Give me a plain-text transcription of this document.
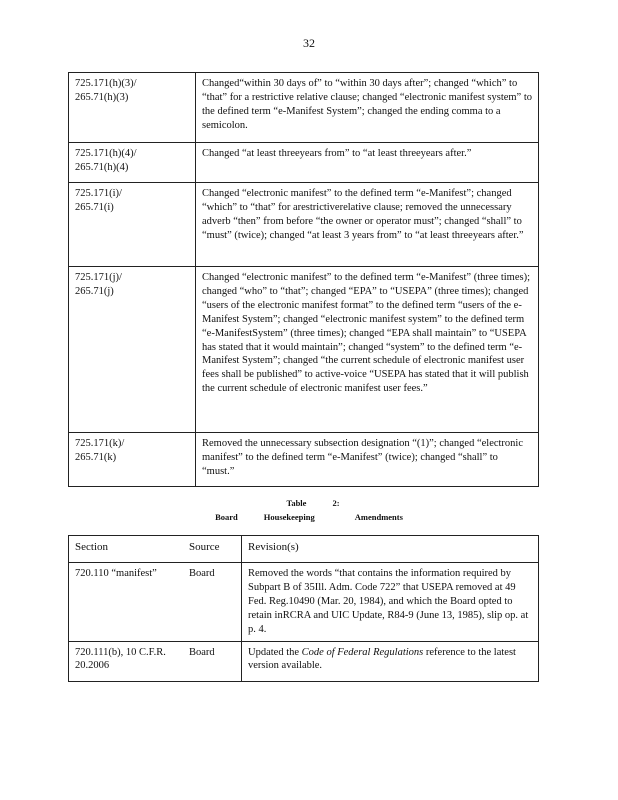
32
725.171(h)(3)/
265.71(h)(3)	Changed“within 30 days of” to “within 30 days after”; changed “which” to “that” for a restrictive relative clause; changed “electronic manifest system” to the defined term “e-Manifest System”; changed the ending comma to a semicolon.
725.171(h)(4)/
265.71(h)(4)	Changed “at least threeyears from” to “at least threeyears after.”
725.171(i)/
265.71(i)	Changed “electronic manifest” to the defined term “e-Manifest”; changed “which” to “that” for arestrictiverelative clause; removed the unnecessary adverb “then” from before “the owner or operator must”; changed “shall” to “must” (twice); changed “at least 3 years from” to “at least threeyears after.”
725.171(j)/
265.71(j)	Changed “electronic manifest” to the defined term “e-Manifest” (three times); changed “who” to “that”; changed “EPA” to “USEPA” (three times); changed “users of the electronic manifest format” to the defined term “users of the e-Manifest System”; changed “electronic manifest system” to the defined term “e-ManifestSystem” (three times); changed “EPA shall maintain” to “USEPA has stated that it would maintain”; changed “system” to the defined term “e-Manifest System”; changed “the current schedule of electronic manifest user fees shall be published” to active-voice “USEPA has stated that it will publish the current schedule of electronic manifest user fees.”
725.171(k)/
265.71(k)	Removed the unnecessary subsection designation “(1)”; changed “electronic manifest” to the defined term “e-Manifest” (twice); changed “shall” to “must.”
Table	2:
Board	Housekeeping	Amendments
Section	Source	Revision(s)
720.110 “manifest”	Board	Removed the words “that contains the information required by Subpart B of 35Ill. Adm. Code 722” that USEPA removed at 49 Fed. Reg.10490 (Mar. 20, 1984), and which the Board opted to retain inRCRA and UIC Update, R84-9 (June 13, 1985), slip op. at p. 4.
720.111(b), 10 C.F.R. 20.2006	Board	Updated the Code of Federal Regulations reference to the latest version available.
